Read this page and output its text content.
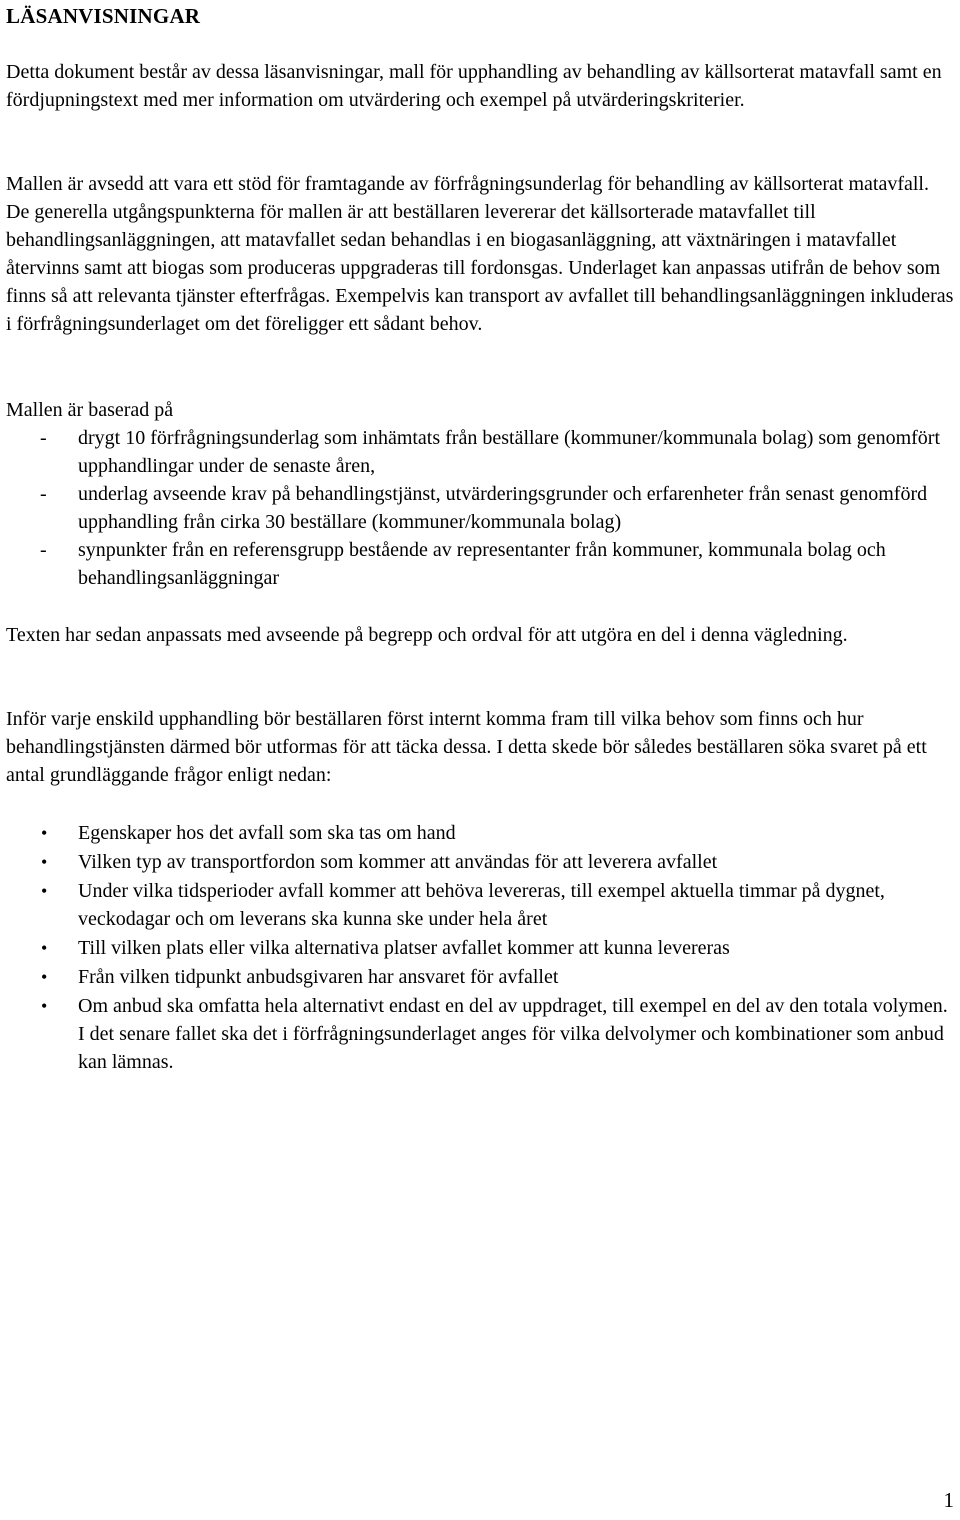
LÄSANVISNINGAR

Detta dokument består av dessa läsanvisningar, mall för upphandling av behandling av källsorterat matavfall samt en fördjupningstext med mer information om utvärdering och exempel på utvärderingskriterier.

Mallen är avsedd att vara ett stöd för framtagande av förfrågningsunderlag för behandling av källsorterat matavfall. De generella utgångspunkterna för mallen är att beställaren levererar det källsorterade matavfallet till behandlingsanläggningen, att matavfallet sedan behandlas i en biogasanläggning, att växtnäringen i matavfallet återvinns samt att biogas som produceras uppgraderas till fordonsgas. Underlaget kan anpassas utifrån de behov som finns så att relevanta tjänster efterfrågas. Exempelvis kan transport av avfallet till behandlingsanläggningen inkluderas i förfrågningsunderlaget om det föreligger ett sådant behov.

Mallen är baserad på

- drygt 10 förfrågningsunderlag som inhämtats från beställare (kommuner/kommunala bolag) som genomfört upphandlingar under de senaste åren,
- underlag avseende krav på behandlingstjänst, utvärderingsgrunder och erfarenheter från senast genomförd upphandling från cirka 30 beställare (kommuner/kommunala bolag)
- synpunkter från en referensgrupp bestående av representanter från kommuner, kommunala bolag och behandlingsanläggningar

Texten har sedan anpassats med avseende på begrepp och ordval för att utgöra en del i denna vägledning.

Inför varje enskild upphandling bör beställaren först internt komma fram till vilka behov som finns och hur behandlingstjänsten därmed bör utformas för att täcka dessa. I detta skede bör således beställaren söka svaret på ett antal grundläggande frågor enligt nedan:

• Egenskaper hos det avfall som ska tas om hand
• Vilken typ av transportfordon som kommer att användas för att leverera avfallet
• Under vilka tidsperioder avfall kommer att behöva levereras, till exempel aktuella timmar på dygnet, veckodagar och om leverans ska kunna ske under hela året
• Till vilken plats eller vilka alternativa platser avfallet kommer att kunna levereras
• Från vilken tidpunkt anbudsgivaren har ansvaret för avfallet
• Om anbud ska omfatta hela alternativt endast en del av uppdraget, till exempel en del av den totala volymen. I det senare fallet ska det i förfrågningsunderlaget anges för vilka delvolymer och kombinationer som anbud kan lämnas.
1
